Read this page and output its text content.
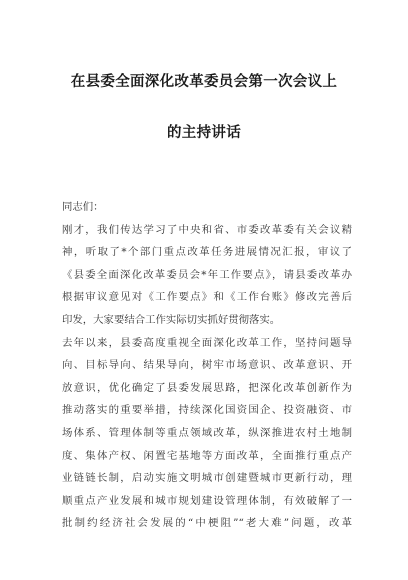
在县委全面深化改革委员会第一次会议上
的主持讲话
同志们：
刚才，我们传达学习了中央和省、市委改革委有关会议精
神，听取了*个部门重点改革任务进展情况汇报，审议了
《县委全面深化改革委员会*年工作要点》，请县委改革办
根据审议意见对《工作要点》和《工作台账》修改完善后
印发，大家要结合工作实际切实抓好贯彻落实。
去年以来，县委高度重视全面深化改革工作，坚持问题导
向、目标导向、结果导向，树牢市场意识、改革意识、开
放意识，优化确定了县委发展思路，把深化改革创新作为
推动落实的重要举措，持续深化国资国企、投资融资、市
场体系、管理体制等重点领域改革，纵深推进农村土地制
度、集体产权、闲置宅基地等方面改革，全面推行重点产
业链链长制，启动实施文明城市创建暨城市更新行动，理
顺重点产业发展和城市规划建设管理体制，有效破解了一
批制约经济社会发展的“中梗阻”“老大难”问题，改革
